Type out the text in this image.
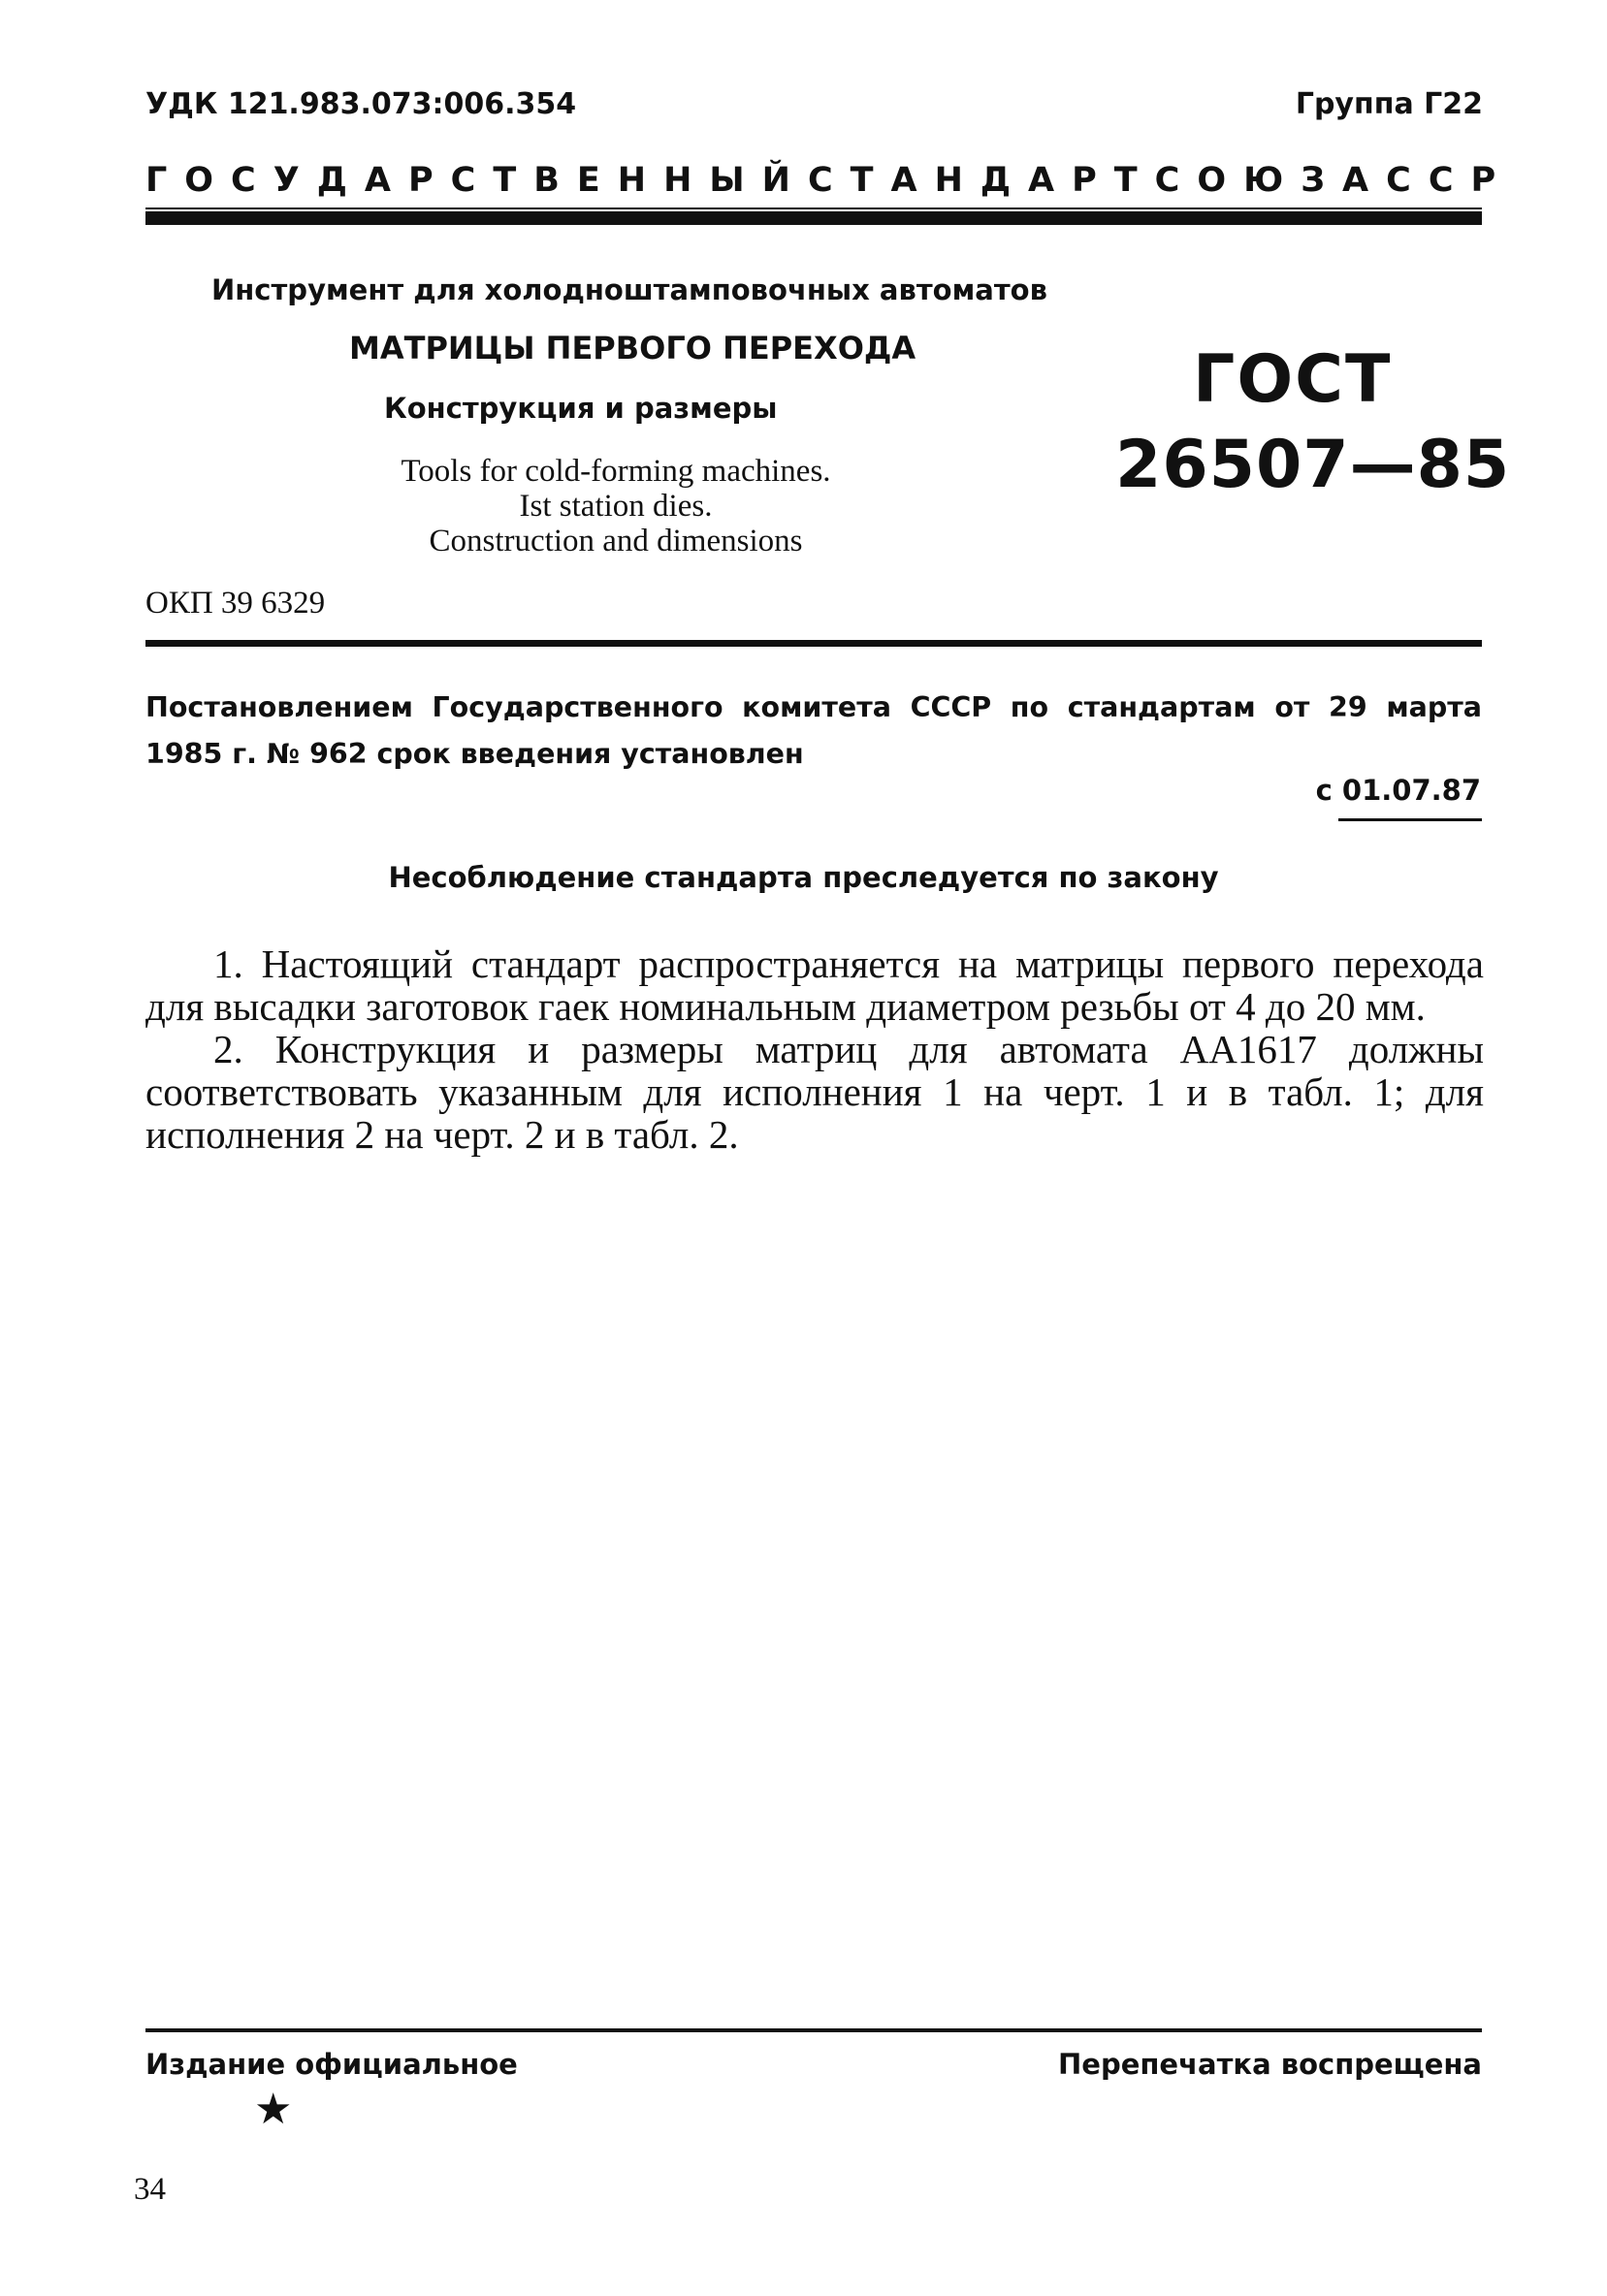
УДК 121.983.073:006.354	Группа Г22
ГОСУДАРСТВЕННЫЙ СТАНДАРТ СОЮЗА ССР
Инструмент для холодноштамповочных автоматов
МАТРИЦЫ ПЕРВОГО ПЕРЕХОДА
Конструкция и размеры
Tools for cold-forming machines.
Ist station dies.
Construction and dimensions
ГОСТ
26507—85
ОКП 39 6329
Постановлением Государственного комитета СССР по стандартам от 29 марта 1985 г. № 962 срок введения установлен
с 01.07.87
Несоблюдение стандарта преследуется по закону

1. Настоящий стандарт распространяется на матрицы первого перехода для высадки заготовок гаек номинальным диаметром резьбы от 4 до 20 мм.

2. Конструкция и размеры матриц для автомата АА1617 должны соответствовать указанным для исполнения 1 на черт. 1 и в табл. 1; для исполнения 2 на черт. 2 и в табл. 2.

Издание официальное	Перепечатка воспрещена
★
34
